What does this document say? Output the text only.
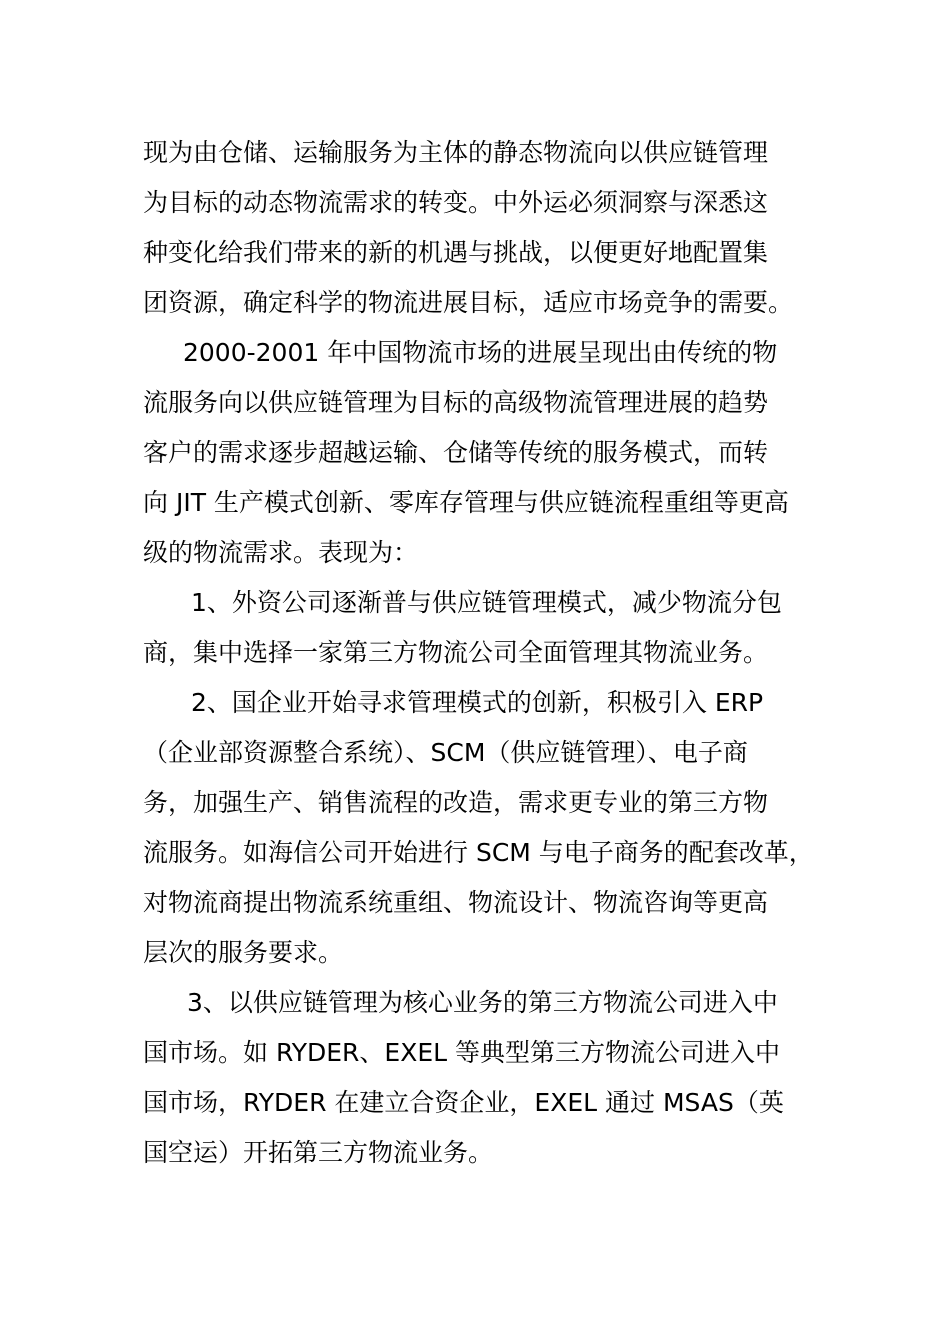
现为由仓储、运输服务为主体的静态物流向以供应链管理
为目标的动态物流需求的转变。中外运必须洞察与深悉这
种变化给我们带来的新的机遇与挑战，以便更好地配置集
团资源，确定科学的物流进展目标，适应市场竞争的需要。
2000-2001 年中国物流市场的进展呈现出由传统的物
流服务向以供应链管理为目标的高级物流管理进展的趋势
客户的需求逐步超越运输、仓储等传统的服务模式，而转
向 JIT 生产模式创新、零库存管理与供应链流程重组等更高
级的物流需求。表现为：
1、外资公司逐渐普与供应链管理模式，减少物流分包
商，集中选择一家第三方物流公司全面管理其物流业务。
2、国企业开始寻求管理模式的创新，积极引入 ERP
（企业部资源整合系统）、SCM（供应链管理）、电子商
务，加强生产、销售流程的改造，需求更专业的第三方物
流服务。如海信公司开始进行 SCM 与电子商务的配套改革，
对物流商提出物流系统重组、物流设计、物流咨询等更高
层次的服务要求。
3、以供应链管理为核心业务的第三方物流公司进入中
国市场。如 RYDER、EXEL 等典型第三方物流公司进入中
国市场，RYDER 在建立合资企业，EXEL 通过 MSAS（英
国空运）开拓第三方物流业务。
